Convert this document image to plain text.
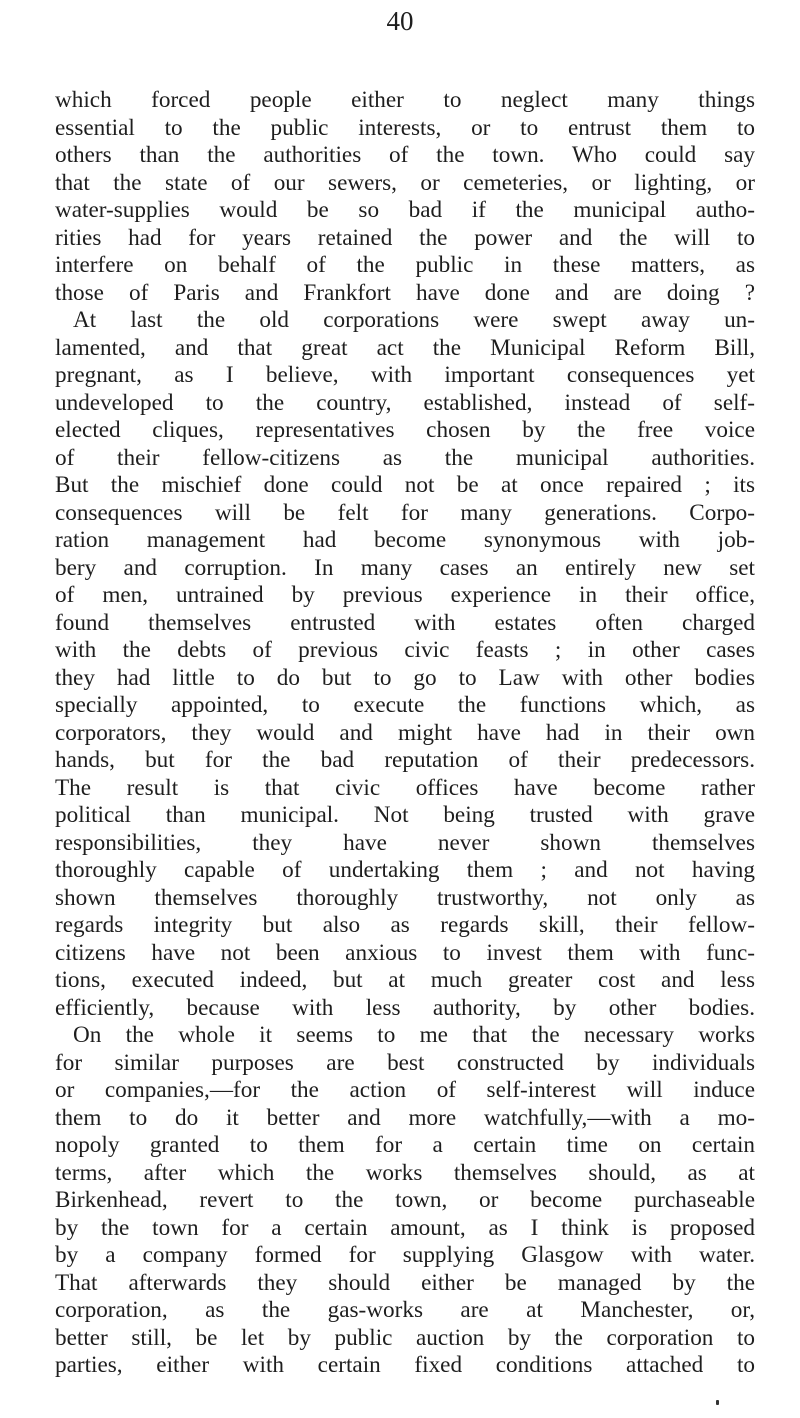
40
which forced people either to neglect many things
essential to the public interests, or to entrust them to
others than the authorities of the town. Who could say
that the state of our sewers, or cemeteries, or lighting, or
water-supplies would be so bad if the municipal autho-
rities had for years retained the power and the will to
interfere on behalf of the public in these matters, as
those of Paris and Frankfort have done and are doing ?
At last the old corporations were swept away un-
lamented, and that great act the Municipal Reform Bill,
pregnant, as I believe, with important consequences yet
undeveloped to the country, established, instead of self-
elected cliques, representatives chosen by the free voice
of their fellow-citizens as the municipal authorities.
But the mischief done could not be at once repaired ; its
consequences will be felt for many generations. Corpo-
ration management had become synonymous with job-
bery and corruption. In many cases an entirely new set
of men, untrained by previous experience in their office,
found themselves entrusted with estates often charged
with the debts of previous civic feasts ; in other cases
they had little to do but to go to Law with other bodies
specially appointed, to execute the functions which, as
corporators, they would and might have had in their own
hands, but for the bad reputation of their predecessors.
The result is that civic offices have become rather
political than municipal. Not being trusted with grave
responsibilities, they have never shown themselves
thoroughly capable of undertaking them ; and not having
shown themselves thoroughly trustworthy, not only as
regards integrity but also as regards skill, their fellow-
citizens have not been anxious to invest them with func-
tions, executed indeed, but at much greater cost and less
efficiently, because with less authority, by other bodies.
On the whole it seems to me that the necessary works
for similar purposes are best constructed by individuals
or companies,—for the action of self-interest will induce
them to do it better and more watchfully,—with a mo-
nopoly granted to them for a certain time on certain
terms, after which the works themselves should, as at
Birkenhead, revert to the town, or become purchaseable
by the town for a certain amount, as I think is proposed
by a company formed for supplying Glasgow with water.
That afterwards they should either be managed by the
corporation, as the gas-works are at Manchester, or,
better still, be let by public auction by the corporation to
parties, either with certain fixed conditions attached to
